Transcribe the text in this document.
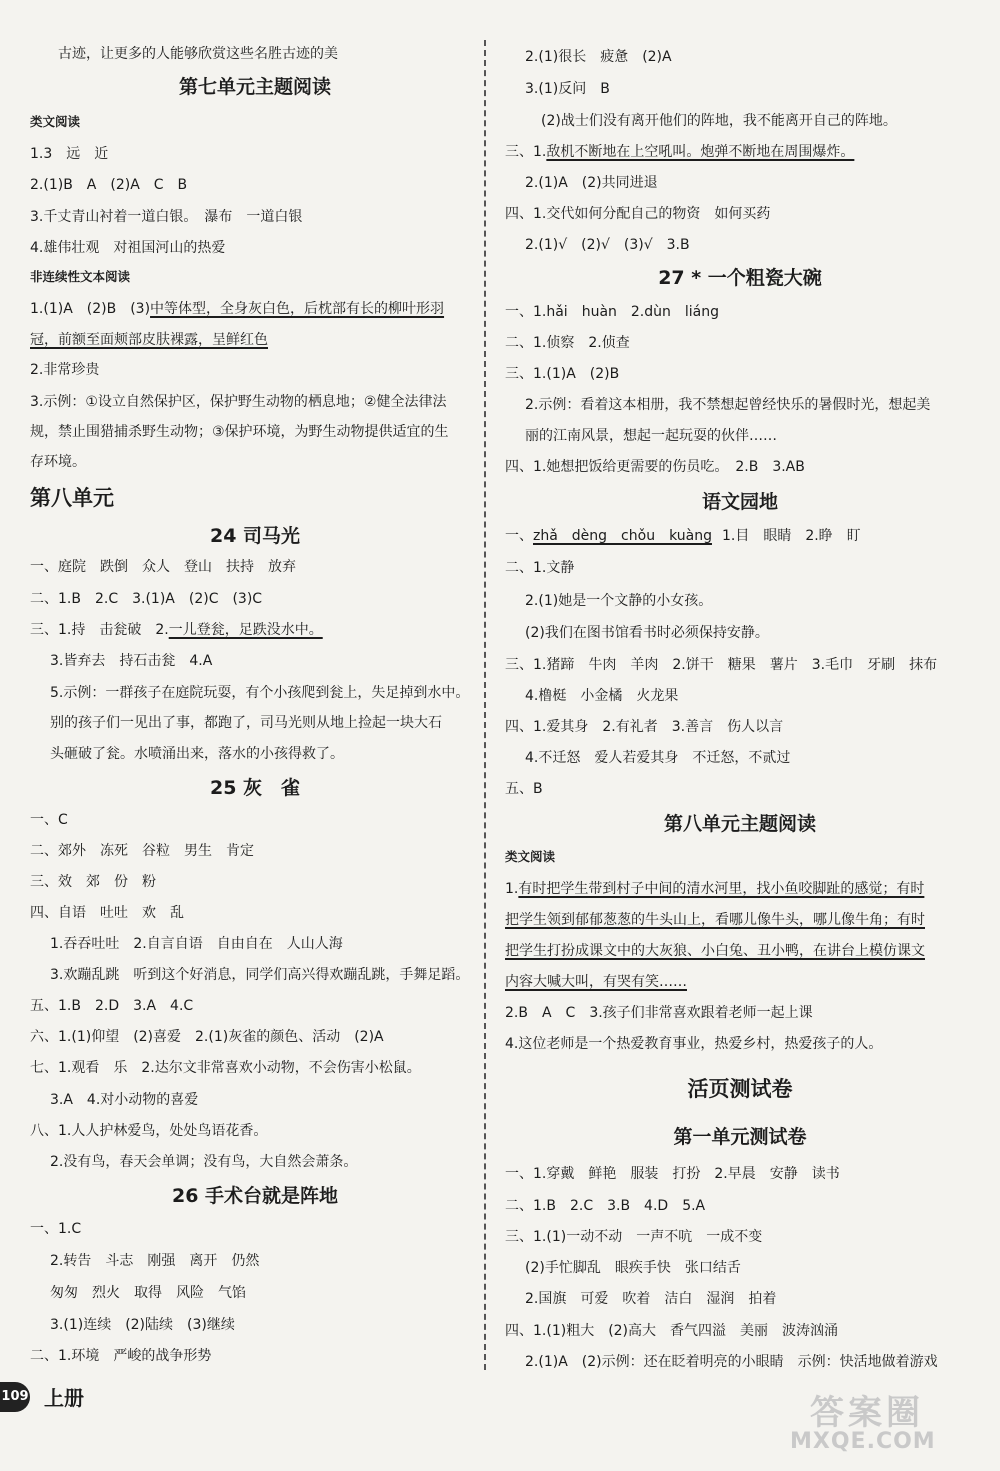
古迹，让更多的人能够欣赏这些名胜古迹的美
第七单元主题阅读
类文阅读
1.3　远　近
2.(1)B　A　(2)A　C　B
3.千丈青山衬着一道白银。　瀑布　一道白银
4.雄伟壮观　对祖国河山的热爱
非连续性文本阅读
1.(1)A　(2)B　(3)中等体型，全身灰白色，后枕部有长的柳叶形羽
冠，前额至面颊部皮肤裸露，呈鲜红色
2.非常珍贵
3.示例：①设立自然保护区，保护野生动物的栖息地；②健全法律法
规，禁止围猎捕杀野生动物；③保护环境，为野生动物提供适宜的生
存环境。
第八单元
24 司马光
一、庭院　跌倒　众人　登山　扶持　放弃
二、1.B　2.C　3.(1)A　(2)C　(3)C
三、1.持　击瓮破　2.一儿登瓮，足跌没水中。
3.皆弃去　持石击瓮　4.A
5.示例：一群孩子在庭院玩耍，有个小孩爬到瓮上，失足掉到水中。
别的孩子们一见出了事，都跑了，司马光则从地上捡起一块大石
头砸破了瓮。水喷涌出来，落水的小孩得救了。
25 灰　雀
一、C
二、郊外　冻死　谷粒　男生　肯定
三、效　郊　份　粉
四、自语　吐吐　欢　乱
1.吞吞吐吐　2.自言自语　自由自在　人山人海
3.欢蹦乱跳　听到这个好消息，同学们高兴得欢蹦乱跳，手舞足蹈。
五、1.B　2.D　3.A　4.C
六、1.(1)仰望　(2)喜爱　2.(1)灰雀的颜色、活动　(2)A
七、1.观看　乐　2.达尔文非常喜欢小动物，不会伤害小松鼠。
3.A　4.对小动物的喜爱
八、1.人人护林爱鸟，处处鸟语花香。
2.没有鸟，春天会单调；没有鸟，大自然会萧条。
26 手术台就是阵地
一、1.C
2.转告　斗志　刚强　离开　仍然
匆匆　烈火　取得　风险　气馅
3.(1)连续　(2)陆续　(3)继续
二、1.环境　严峻的战争形势
2.(1)很长　疲惫　(2)A
3.(1)反问　B
(2)战士们没有离开他们的阵地，我不能离开自己的阵地。
三、1.敌机不断地在上空吼叫。炮弹不断地在周围爆炸。
2.(1)A　(2)共同进退
四、1.交代如何分配自己的物资　如何买药
2.(1)√　(2)√　(3)√　3.B
27 * 一个粗瓷大碗
一、1.hǎi　huàn　2.dùn　liáng
二、1.侦察　2.侦查
三、1.(1)A　(2)B
2.示例：看着这本相册，我不禁想起曾经快乐的暑假时光，想起美
丽的江南风景，想起一起玩耍的伙伴……
四、1.她想把饭给更需要的伤员吃。　2.B　3.AB
语文园地
一、zhǎ　dèng　chǒu　kuàng 1.目　眼睛　2.睁　盯
二、1.文静
2.(1)她是一个文静的小女孩。
(2)我们在图书馆看书时必须保持安静。
三、1.猪蹄　牛肉　羊肉　2.饼干　糖果　薯片　3.毛巾　牙刷　抹布
4.橹梃　小金橘　火龙果
四、1.爱其身　2.有礼者　3.善言　伤人以言
4.不迁怒　爱人若爱其身　不迁怒，不贰过
五、B
第八单元主题阅读
类文阅读
1.有时把学生带到村子中间的清水河里，找小鱼咬脚趾的感觉；有时
把学生领到郁郁葱葱的牛头山上，看哪儿像牛头，哪儿像牛角；有时
把学生打扮成课文中的大灰狼、小白兔、丑小鸭，在讲台上模仿课文
内容大喊大叫，有哭有笑……
2.B　A　C　3.孩子们非常喜欢跟着老师一起上课
4.这位老师是一个热爱教育事业，热爱乡村，热爱孩子的人。
活页测试卷
第一单元测试卷
一、1.穿戴　鲜艳　服装　打扮　2.早晨　安静　读书
二、1.B　2.C　3.B　4.D　5.A
三、1.(1)一动不动　一声不吭　一成不变
(2)手忙脚乱　眼疾手快　张口结舌
2.国旗　可爱　吹着　洁白　湿润　拍着
四、1.(1)粗大　(2)高大　香气四溢　美丽　波涛汹涌
2.(1)A　(2)示例：还在眨着明亮的小眼睛　示例：快活地做着游戏
109 上册	答案圈
MXQE.COM
